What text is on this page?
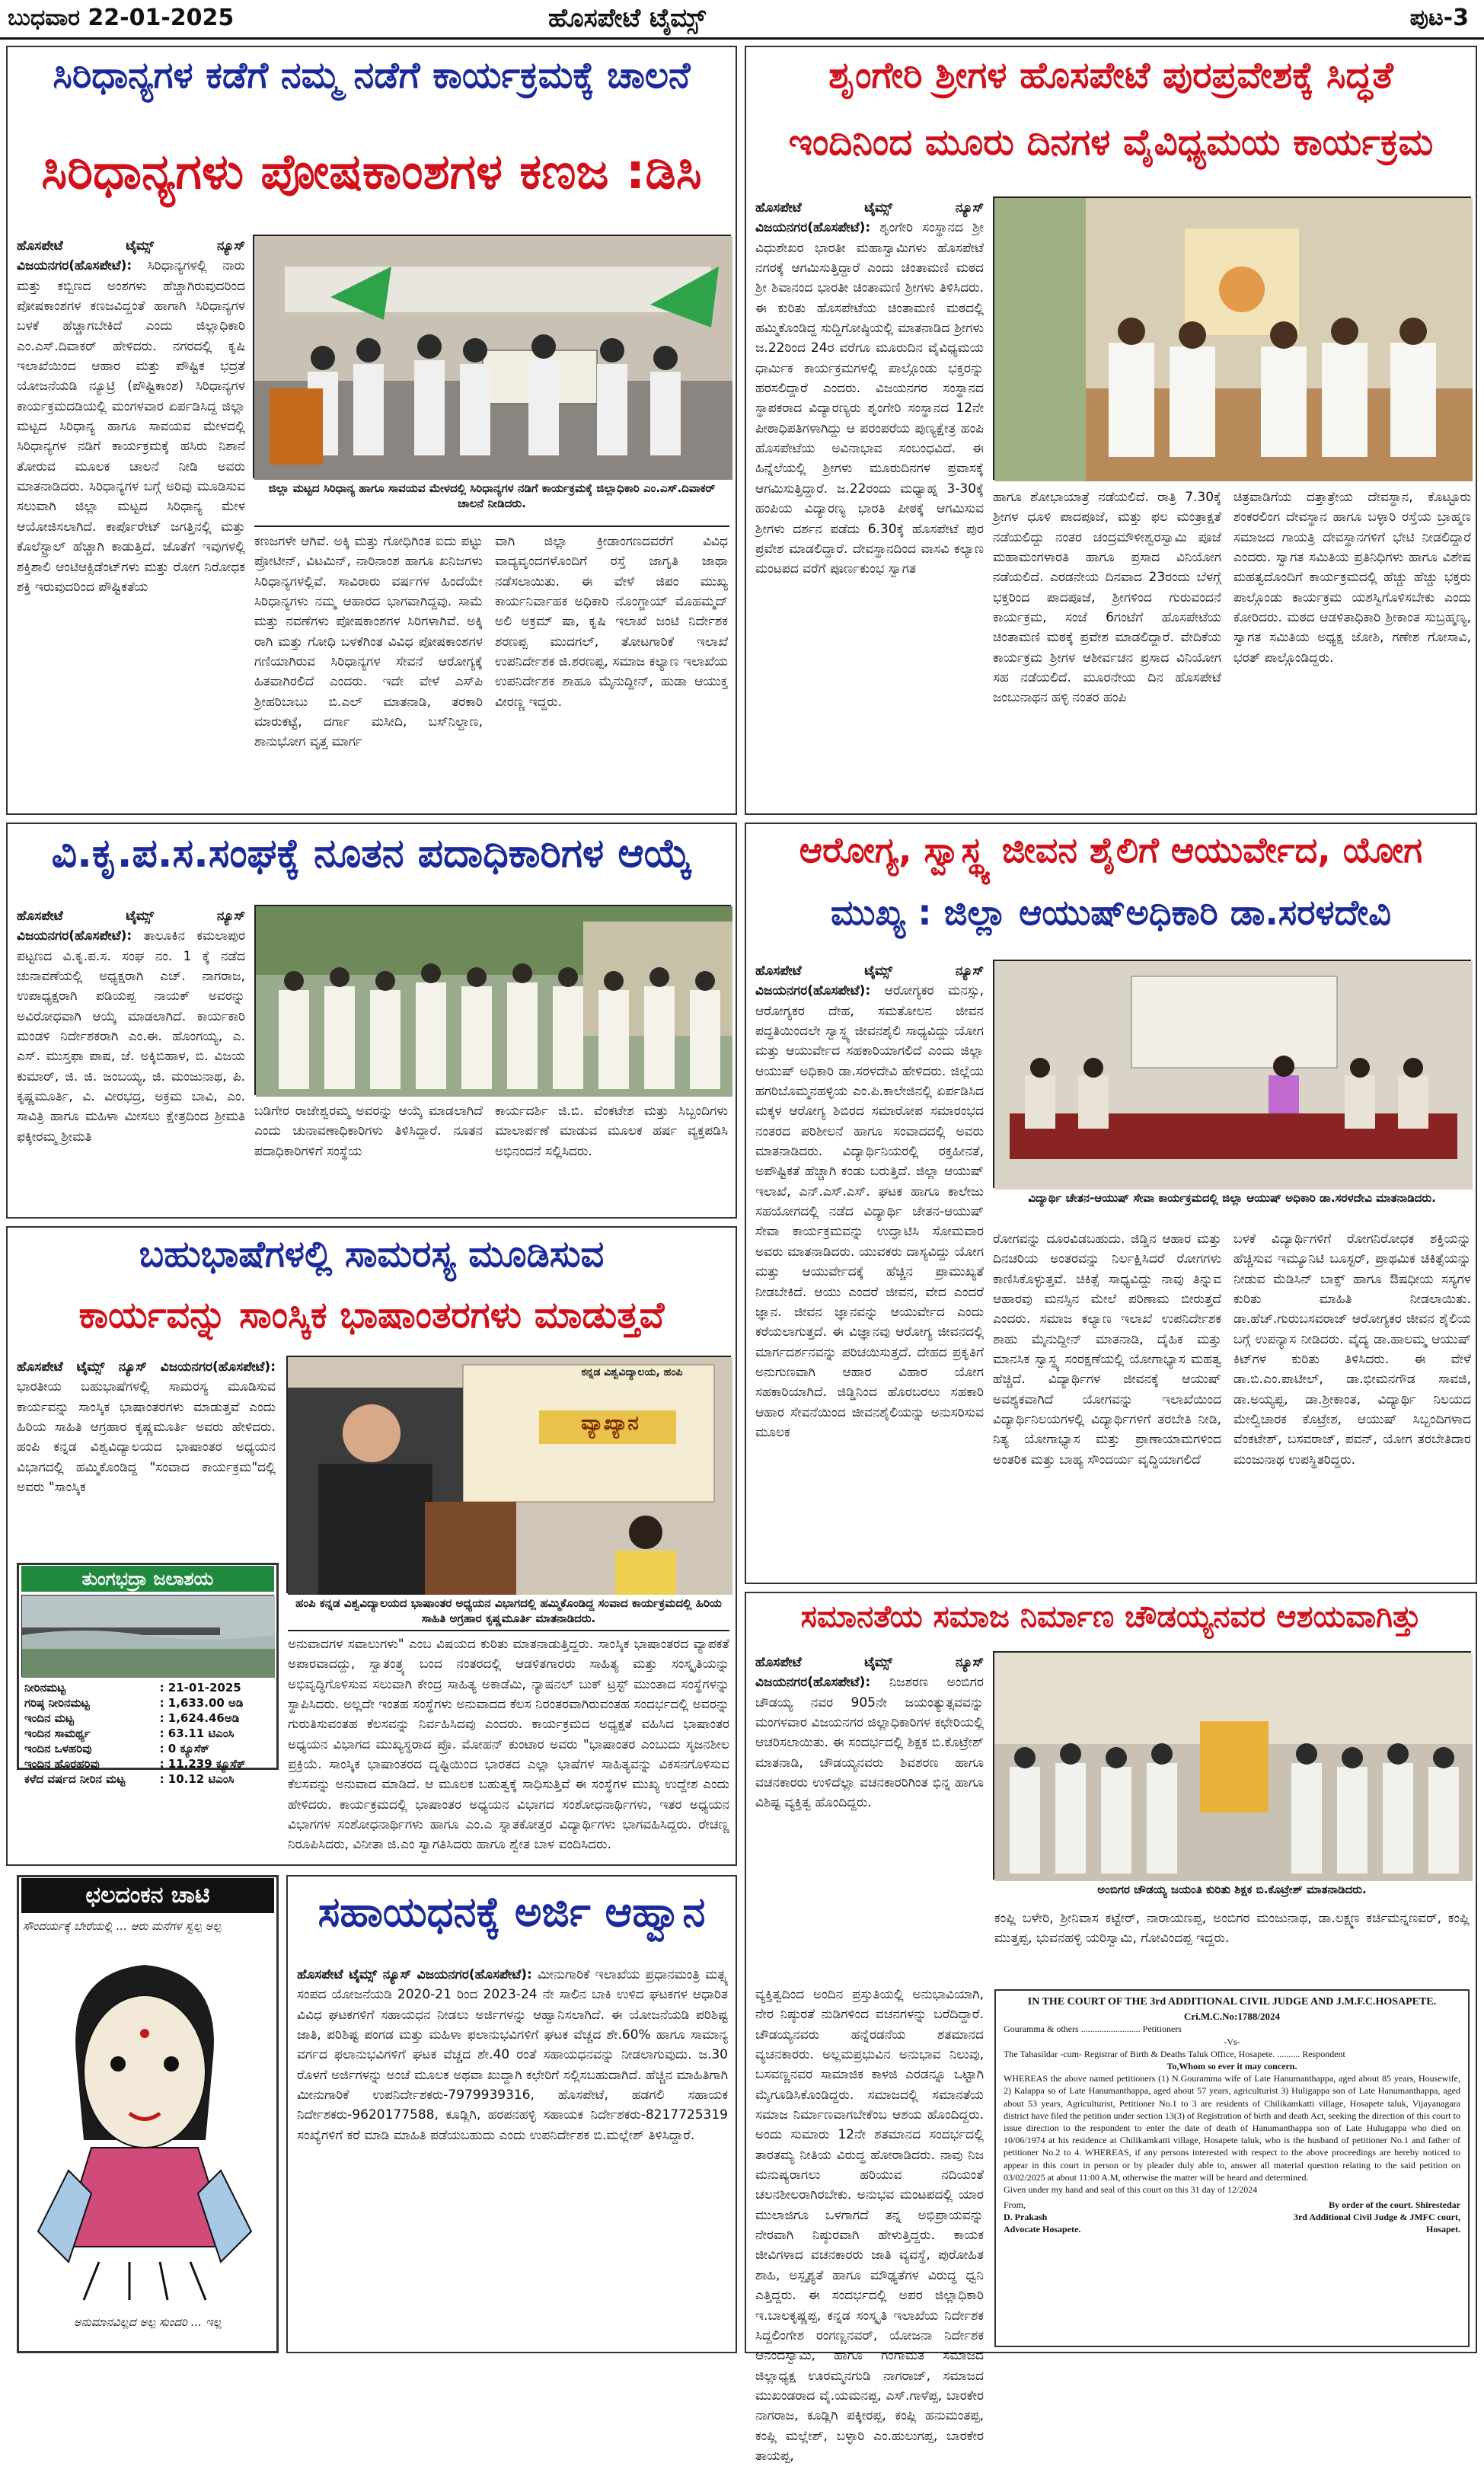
ಬುಧವಾರ 22-01-2025	ಹೊಸಪೇಟೆ ಟೈಮ್ಸ್	ಪುಟ-3
ಸಿರಿಧಾನ್ಯಗಳ ಕಡೆಗೆ ನಮ್ಮ ನಡೆಗೆ ಕಾರ್ಯಕ್ರಮಕ್ಕೆ ಚಾಲನೆ
ಸಿರಿಧಾನ್ಯಗಳು ಪೋಷಕಾಂಶಗಳ ಕಣಜ :ಡಿಸಿ
ಹೊಸಪೇಟೆ ಟೈಮ್ಸ್ ನ್ಯೂಸ್ ವಿಜಯನಗರ(ಹೊಸಪೇಟೆ): ಸಿರಿಧಾನ್ಯಗಳಲ್ಲಿ ನಾರು ಮತ್ತು ಕಬ್ಬಿಣದ ಅಂಶಗಳು ಹೆಚ್ಚಾಗಿರುವುದರಿಂದ ಪೋಷಕಾಂಶಗಳ ಕಣಜವಿದ್ದಂತೆ ಹಾಗಾಗಿ ಸಿರಿಧಾನ್ಯಗಳ ಬಳಕೆ ಹೆಚ್ಚಾಗಬೇಕಿದೆ ಎಂದು ಜಿಲ್ಲಾಧಿಕಾರಿ ಎಂ.ಎಸ್.ದಿವಾಕರ್ ಹೇಳಿದರು. ನಗರದಲ್ಲಿ ಕೃಷಿ ಇಲಾಖೆಯಿಂದ ಆಹಾರ ಮತ್ತು ಪೌಷ್ಟಿಕ ಭದ್ರತೆ ಯೋಜನೆಯಡಿ ನ್ಯೂಟ್ರಿ (ಪೌಷ್ಟಿಕಾಂಶ) ಸಿರಿಧಾನ್ಯಗಳ ಕಾರ್ಯಕ್ರಮದಡಿಯಲ್ಲಿ ಮಂಗಳವಾರ ಏರ್ಪಡಿಸಿದ್ದ ಜಿಲ್ಲಾ ಮಟ್ಟದ ಸಿರಿಧಾನ್ಯ ಹಾಗೂ ಸಾವಯವ ಮೇಳದಲ್ಲಿ ಸಿರಿಧಾನ್ಯಗಳ ನಡಿಗೆ ಕಾರ್ಯಕ್ರಮಕ್ಕೆ ಹಸಿರು ನಿಶಾನೆ ತೋರುವ ಮೂಲಕ ಚಾಲನೆ ನೀಡಿ ಅವರು ಮಾತನಾಡಿದರು. ಸಿರಿಧಾನ್ಯಗಳ ಬಗ್ಗೆ ಅರಿವು ಮೂಡಿಸುವ ಸಲುವಾಗಿ ಜಿಲ್ಲಾ ಮಟ್ಟದ ಸಿರಿಧಾನ್ಯ ಮೇಳ ಆಯೋಜಿಸಲಾಗಿದೆ. ಕಾರ್ಪೊರೇಟ್ ಜಗತ್ತಿನಲ್ಲಿ ಮತ್ತು ಕೊಲೆಸ್ಟ್ರಾಲ್ ಹೆಚ್ಚಾಗಿ ಕಾಡುತ್ತಿದೆ. ಜೊತೆಗೆ ಇವುಗಳಲ್ಲಿ ಶಕ್ತಿಶಾಲಿ ಆಂಟಿಆಕ್ಸಿಡೆಂಟ್‌ಗಳು ಮತ್ತು ರೋಗ ನಿರೋಧಕ ಶಕ್ತಿ ಇರುವುದರಿಂದ ಪೌಷ್ಟಿಕತೆಯ
ಜಿಲ್ಲಾ ಮಟ್ಟದ ಸಿರಿಧಾನ್ಯ ಹಾಗೂ ಸಾವಯವ ಮೇಳದಲ್ಲಿ ಸಿರಿಧಾನ್ಯಗಳ ನಡಿಗೆ ಕಾರ್ಯಕ್ರಮಕ್ಕೆ ಜಿಲ್ಲಾಧಿಕಾರಿ ಎಂ.ಎಸ್.ದಿವಾಕರ್ ಚಾಲನೆ ನೀಡಿದರು.
ಕಣಜಗಳೇ ಆಗಿವೆ. ಅಕ್ಕಿ ಮತ್ತು ಗೋಧಿಗಿಂತ ಐದು ಪಟ್ಟು ಪ್ರೋಟೀನ್, ವಿಟಮಿನ್, ನಾರಿನಾಂಶ ಹಾಗೂ ಖನಿಜಗಳು ಸಿರಿಧಾನ್ಯಗಳಲ್ಲಿವೆ. ಸಾವಿರಾರು ವರ್ಷಗಳ ಹಿಂದೆಯೇ ಸಿರಿಧಾನ್ಯಗಳು ನಮ್ಮ ಆಹಾರದ ಭಾಗವಾಗಿದ್ದವು. ಸಾಮೆ ಮತ್ತು ನವಣೆಗಳು ಪೋಷಕಾಂಶಗಳ ಸಿರಿಗಳಾಗಿವೆ. ಅಕ್ಕಿ ರಾಗಿ ಮತ್ತು ಗೋಧಿ ಬಳಕೆಗಿಂತ ವಿವಿಧ ಪೋಷಕಾಂಶಗಳ ಗಣಿಯಾಗಿರುವ ಸಿರಿಧಾನ್ಯಗಳ ಸೇವನೆ ಆರೋಗ್ಯಕ್ಕೆ ಹಿತವಾಗಿರಲಿದೆ ಎಂದರು. ಇದೇ ವೇಳೆ ಎಸ್‌ಪಿ ಶ್ರೀಹರಿಬಾಬು ಬಿ.ಎಲ್ ಮಾತನಾಡಿ, ತರಕಾರಿ ಮಾರುಕಟ್ಟೆ, ದರ್ಗಾ ಮಸೀದಿ, ಬಸ್‌ನಿಲ್ದಾಣ, ಶಾನುಭೋಗ ವೃತ್ತ ಮಾರ್ಗ
ವಾಗಿ ಜಿಲ್ಲಾ ಕ್ರೀಡಾಂಗಣದವರೆಗೆ ವಿವಿಧ ವಾದ್ಯವೃಂದಗಳೊಂದಿಗೆ ರಸ್ತೆ ಜಾಗೃತಿ ಜಾಥಾ ನಡೆಸಲಾಯಿತು. ಈ ವೇಳೆ ಜಿಪಂ ಮುಖ್ಯ ಕಾರ್ಯನಿರ್ವಾಹಕ ಅಧಿಕಾರಿ ನೊಂಗ್ಜಾಯ್ ಮೊಹಮ್ಮದ್ ಅಲಿ ಅಕ್ರಮ್ ಷಾ, ಕೃಷಿ ಇಲಾಖೆ ಜಂಟಿ ನಿರ್ದೇಶಕ ಶರಣಪ್ಪ ಮುದಗಲ್, ತೋಟಗಾರಿಕೆ ಇಲಾಖೆ ಉಪನಿರ್ದೇಶಕ ಜಿ.ಶರಣಪ್ಪ, ಸಮಾಜ ಕಲ್ಯಾಣ ಇಲಾಖೆಯ ಉಪನಿರ್ದೇಶಕ ಶಾಹೂ ಮೈನುದ್ದೀನ್, ಹುಡಾ ಆಯುಕ್ತ ವೀರಣ್ಣ ಇದ್ದರು.
ಶೃಂಗೇರಿ ಶ್ರೀಗಳ ಹೊಸಪೇಟೆ ಪುರಪ್ರವೇಶಕ್ಕೆ ಸಿದ್ಧತೆ
ಇಂದಿನಿಂದ ಮೂರು ದಿನಗಳ ವೈವಿಧ್ಯಮಯ ಕಾರ್ಯಕ್ರಮ
ಹೊಸಪೇಟೆ ಟೈಮ್ಸ್ ನ್ಯೂಸ್ ವಿಜಯನಗರ(ಹೊಸಪೇಟೆ): ಶೃಂಗೇರಿ ಸಂಸ್ಥಾನದ ಶ್ರೀ ವಿಧುಶೇಖರ ಭಾರತೀ ಮಹಾಸ್ವಾಮಿಗಳು ಹೊಸಪೇಟೆ ನಗರಕ್ಕೆ ಆಗಮಿಸುತ್ತಿದ್ದಾರೆ ಎಂದು ಚಿಂತಾಮಣಿ ಮಠದ ಶ್ರೀ ಶಿವಾನಂದ ಭಾರತೀ ಚಿಂತಾಮಣಿ ಶ್ರೀಗಳು ತಿಳಿಸಿದರು. ಈ ಕುರಿತು ಹೊಸಪೇಟೆಯ ಚಿಂತಾಮಣಿ ಮಠದಲ್ಲಿ ಹಮ್ಮಿಕೊಂಡಿದ್ದ ಸುದ್ದಿಗೋಷ್ಠಿಯಲ್ಲಿ ಮಾತನಾಡಿದ ಶ್ರೀಗಳು ಜ.22ರಿಂದ 24ರ ವರೆಗೂ ಮೂರುದಿನ ವೈವಿಧ್ಯಮಯ ಧಾರ್ಮಿಕ ಕಾರ್ಯಕ್ರಮಗಳಲ್ಲಿ ಪಾಲ್ಗೊಂಡು ಭಕ್ತರನ್ನು ಹರಸಲಿದ್ದಾರೆ ಎಂದರು. ವಿಜಯನಗರ ಸಂಸ್ಥಾನದ ಸ್ಥಾಪಕರಾದ ವಿದ್ಯಾರಣ್ಯರು ಶೃಂಗೇರಿ ಸಂಸ್ಥಾನದ 12ನೇ ಪೀಠಾಧಿಪತಿಗಳಾಗಿದ್ದು ಆ ಪರಂಪರೆಯ ಪುಣ್ಯಕ್ಷೇತ್ರ ಹಂಪಿ ಹೊಸಪೇಟೆಯ ಅವಿನಾಭಾವ ಸಂಬಂಧವಿದೆ. ಈ ಹಿನ್ನೆಲೆಯಲ್ಲಿ ಶ್ರೀಗಳು ಮೂರುದಿನಗಳ ಪ್ರವಾಸಕ್ಕೆ ಆಗಮಿಸುತ್ತಿದ್ದಾರೆ. ಜ.22ರಂದು ಮಧ್ಯಾಹ್ನ 3-30ಕ್ಕೆ ಹಂಪಿಯ ವಿದ್ಯಾರಣ್ಯ ಭಾರತಿ ಪೀಠಕ್ಕೆ ಆಗಮಿಸುವ ಶ್ರೀಗಳು ದರ್ಶನ ಪಡೆದು 6.30ಕ್ಕೆ ಹೊಸಪೇಟೆ ಪುರ ಪ್ರವೇಶ ಮಾಡಲಿದ್ದಾರೆ. ದೇವಸ್ಥಾನದಿಂದ ವಾಸವಿ ಕಲ್ಯಾಣ ಮಂಟಪದ ವರೆಗೆ ಪೂರ್ಣಕುಂಭ ಸ್ವಾಗತ
ಹಾಗೂ ಶೋಭಾಯಾತ್ರೆ ನಡೆಯಲಿದೆ. ರಾತ್ರಿ 7.30ಕ್ಕೆ ಶ್ರೀಗಳ ಧೂಳಿ ಪಾದಪೂಜೆ, ಮತ್ತು ಫಲ ಮಂತ್ರಾಕ್ಷತೆ ನಡೆಯಲಿದ್ದು ನಂತರ ಚಂದ್ರಮೌಳೀಶ್ವರಸ್ವಾಮಿ ಪೂಜೆ ಮಹಾಮಂಗಳಾರತಿ ಹಾಗೂ ಪ್ರಸಾದ ವಿನಿಯೋಗ ನಡೆಯಲಿದೆ. ಎರಡನೇಯ ದಿನವಾದ 23ರಂದು ಬೆಳಗ್ಗೆ ಭಕ್ತರಿಂದ ಪಾದಪೂಜೆ, ಶ್ರೀಗಳಿಂದ ಗುರುವಂದನೆ ಕಾರ್ಯಕ್ರಮ, ಸಂಜೆ 6ಗಂಟೆಗೆ ಹೊಸಪೇಟೆಯ ಚಿಂತಾಮಣಿ ಮಠಕ್ಕೆ ಪ್ರವೇಶ ಮಾಡಲಿದ್ದಾರೆ. ವೇದಿಕೆಯ ಕಾರ್ಯಕ್ರಮ ಶ್ರೀಗಳ ಆಶೀರ್ವಚನ ಪ್ರಸಾದ ವಿನಿಯೋಗ ಸಹ ನಡೆಯಲಿದೆ. ಮೂರನೇಯ ದಿನ ಹೊಸಪೇಟೆ ಜಂಬುನಾಥನ ಹಳ್ಳಿ ನಂತರ ಹಂಪಿ
ಚಿತ್ರವಾಡಿಗೆಯ ದತ್ತಾತ್ರೇಯ ದೇವಸ್ಥಾನ, ಕೊಟ್ಟೂರು ಶಂಕರಲಿಂಗ ದೇವಸ್ಥಾನ ಹಾಗೂ ಬಳ್ಳಾರಿ ರಸ್ತೆಯ ಬ್ರಾಹ್ಮಣ ಸಮಾಜದ ಗಾಯತ್ರಿ ದೇವಸ್ಥಾನಗಳಿಗೆ ಭೇಟಿ ನೀಡಲಿದ್ದಾರೆ ಎಂದರು. ಸ್ವಾಗತ ಸಮಿತಿಯ ಪ್ರತಿನಿಧಿಗಳು ಹಾಗೂ ವಿಶೇಷ ಮಹತ್ವದೊಂದಿಗೆ ಕಾರ್ಯಕ್ರಮದಲ್ಲಿ ಹೆಚ್ಚು ಹೆಚ್ಚು ಭಕ್ತರು ಪಾಲ್ಗೊಂಡು ಕಾರ್ಯಕ್ರಮ ಯಶಸ್ವಿಗೊಳಿಸಬೇಕು ಎಂದು ಕೋರಿದರು. ಮಠದ ಆಡಳಿತಾಧಿಕಾರಿ ಶ್ರೀಕಾಂತ ಸುಬ್ರಹ್ಮಣ್ಯ, ಸ್ವಾಗತ ಸಮಿತಿಯ ಅಧ್ಯಕ್ಷ ಜೋಶಿ, ಗಣೇಶ ಗೋಸಾವಿ, ಭರತ್ ಪಾಲ್ಗೊಂಡಿದ್ದರು.
ವಿ.ಕೃ.ಪ.ಸ.ಸಂಘಕ್ಕೆ ನೂತನ ಪದಾಧಿಕಾರಿಗಳ ಆಯ್ಕೆ
ಹೊಸಪೇಟೆ ಟೈಮ್ಸ್ ನ್ಯೂಸ್ ವಿಜಯನಗರ(ಹೊಸಪೇಟೆ): ತಾಲೂಕಿನ ಕಮಲಾಪುರ ಪಟ್ಟಣದ ವಿ.ಕೃ.ಪ.ಸ. ಸಂಘ ನಂ. 1 ಕ್ಕೆ ನಡೆದ ಚುನಾವಣೆಯಲ್ಲಿ ಅಧ್ಯಕ್ಷರಾಗಿ ಎಚ್. ನಾಗರಾಜ, ಉಪಾಧ್ಯಕ್ಷರಾಗಿ ಪಡಿಯಪ್ಪ ನಾಯಕ್ ಅವರನ್ನು ಅವಿರೋಧವಾಗಿ ಆಯ್ಕೆ ಮಾಡಲಾಗಿದೆ. ಕಾರ್ಯಕಾರಿ ಮಂಡಳಿ ನಿರ್ದೇಶಕರಾಗಿ ಎಂ.ಈ. ಹೊಂಗಯ್ಯ, ಎ. ಎಸ್. ಮುಸ್ತಫಾ ಪಾಷ, ಜೆ. ಅಕ್ಕಿಬಿಹಾಳ, ಬಿ. ವಿಜಯ ಕುಮಾರ್, ಜಿ. ಜಿ. ಜಂಬಯ್ಯ, ಜಿ. ಮಂಜುನಾಥ, ಪಿ. ಕೃಷ್ಣಮೂರ್ತಿ, ವಿ. ವೀರಭದ್ರ, ಅಕ್ರಮ ಬಾವಿ, ಎಂ. ಸಾವಿತ್ರಿ ಹಾಗೂ ಮಹಿಳಾ ಮೀಸಲು ಕ್ಷೇತ್ರದಿಂದ ಶ್ರೀಮತಿ ಫಕ್ಕೀರಮ್ಮ ಶ್ರೀಮತಿ
ಬಡಿಗೇರ ರಾಜೇಶ್ವರಮ್ಮ ಅವರನ್ನು ಆಯ್ಕೆ ಮಾಡಲಾಗಿದೆ ಎಂದು ಚುನಾವಣಾಧಿಕಾರಿಗಳು ತಿಳಿಸಿದ್ದಾರೆ. ನೂತನ ಪದಾಧಿಕಾರಿಗಳಿಗೆ ಸಂಸ್ಥೆಯ
ಕಾರ್ಯದರ್ಶಿ ಜಿ.ಬಿ. ವೆಂಕಟೇಶ ಮತ್ತು ಸಿಬ್ಬಂದಿಗಳು ಮಾಲಾರ್ಪಣೆ ಮಾಡುವ ಮೂಲಕ ಹರ್ಷ ವ್ಯಕ್ತಪಡಿಸಿ ಅಭಿನಂದನೆ ಸಲ್ಲಿಸಿದರು.
ಆರೋಗ್ಯ, ಸ್ವಾಸ್ಥ್ಯ ಜೀವನ ಶೈಲಿಗೆ ಆಯುರ್ವೇದ, ಯೋಗ
ಮುಖ್ಯ : ಜಿಲ್ಲಾ ಆಯುಷ್‌ಅಧಿಕಾರಿ ಡಾ.ಸರಳದೇವಿ
ಹೊಸಪೇಟೆ ಟೈಮ್ಸ್ ನ್ಯೂಸ್ ವಿಜಯನಗರ(ಹೊಸಪೇಟೆ): ಆರೋಗ್ಯಕರ ಮನಸ್ಸು, ಆರೋಗ್ಯಕರ ದೇಹ, ಸಮತೋಲನ ಜೀವನ ಪದ್ಧತಿಯಿಂದಲೇ ಸ್ವಾಸ್ಥ್ಯ ಜೀವನಶೈಲಿ ಸಾಧ್ಯವಿದ್ದು ಯೋಗ ಮತ್ತು ಆಯುರ್ವೇದ ಸಹಕಾರಿಯಾಗಲಿದೆ ಎಂದು ಜಿಲ್ಲಾ ಆಯುಷ್ ಅಧಿಕಾರಿ ಡಾ.ಸರಳದೇವಿ ಹೇಳಿದರು. ಜಿಲ್ಲೆಯ ಹಗರಿಬೊಮ್ಮನಹಳ್ಳಿಯ ಎಂ.ಪಿ.ಕಾಲೇಜಿನಲ್ಲಿ ಏರ್ಪಡಿಸಿದ ಮಕ್ಕಳ ಆರೋಗ್ಯ ಶಿಬಿರದ ಸಮಾರೋಪ ಸಮಾರಂಭದ ನಂತರದ ಪರಿಶೀಲನೆ ಹಾಗೂ ಸಂವಾದದಲ್ಲಿ ಅವರು ಮಾತನಾಡಿದರು. ವಿದ್ಯಾರ್ಥಿನಿಯರಲ್ಲಿ ರಕ್ತಹೀನತೆ, ಅಪೌಷ್ಟಿಕತೆ ಹೆಚ್ಚಾಗಿ ಕಂಡು ಬರುತ್ತಿದೆ. ಜಿಲ್ಲಾ ಆಯುಷ್ ಇಲಾಖೆ, ಎನ್.ಎಸ್.ಎಸ್. ಘಟಕ ಹಾಗೂ ಕಾಲೇಜು ಸಹಯೋಗದಲ್ಲಿ ನಡೆದ ವಿದ್ಯಾರ್ಥಿ ಚೇತನ-ಆಯುಷ್ ಸೇವಾ ಕಾರ್ಯಕ್ರಮವನ್ನು ಉದ್ಘಾಟಿಸಿ ಸೋಮವಾರ ಅವರು ಮಾತನಾಡಿದರು. ಯುವಕರು ದಾಸ್ಯವಿದ್ದು ಯೋಗ ಮತ್ತು ಆಯುರ್ವೇದಕ್ಕೆ ಹೆಚ್ಚಿನ ಪ್ರಾಮುಖ್ಯತೆ ನೀಡಬೇಕಿದೆ. ಆಯು ಎಂದರೆ ಜೀವನ, ವೇದ ಎಂದರೆ ಜ್ಞಾನ. ಜೀವನ ಜ್ಞಾನವನ್ನು ಆಯುರ್ವೇದ ಎಂದು ಕರೆಯಲಾಗುತ್ತದೆ. ಈ ವಿಜ್ಞಾನವು ಆರೋಗ್ಯ ಜೀವನದಲ್ಲಿ ಮಾರ್ಗದರ್ಶನವನ್ನು ಪರಿಚಯಿಸುತ್ತದೆ. ದೇಹದ ಪ್ರಕೃತಿಗೆ ಅನುಗುಣವಾಗಿ ಆಹಾರ ವಿಹಾರ ಯೋಗ ಸಹಕಾರಿಯಾಗಿದೆ. ಜಿಡ್ಡಿನಿಂದ ಹೊರಬರಲು ಸಹಕಾರಿ ಆಹಾರ ಸೇವನೆಯಿಂದ ಜೀವನಶೈಲಿಯನ್ನು ಅನುಸರಿಸುವ ಮೂಲಕ
ವಿದ್ಯಾರ್ಥಿ ಚೇತನ-ಆಯುಷ್ ಸೇವಾ ಕಾರ್ಯಕ್ರಮದಲ್ಲಿ ಜಿಲ್ಲಾ ಆಯುಷ್ ಅಧಿಕಾರಿ ಡಾ.ಸರಳದೇವಿ ಮಾತನಾಡಿದರು.
ರೋಗವನ್ನು ದೂರವಿಡಬಹುದು. ಜಿಡ್ಡಿನ ಆಹಾರ ಮತ್ತು ದಿನಚರಿಯ ಅಂತರವನ್ನು ನಿರ್ಲಕ್ಷಿಸಿದರೆ ರೋಗಗಳು ಕಾಣಿಸಿಕೊಳ್ಳುತ್ತವೆ. ಚಿಕಿತ್ಸೆ ಸಾಧ್ಯವಿದ್ದು ನಾವು ತಿನ್ನುವ ಆಹಾರವು ಮನಸ್ಸಿನ ಮೇಲೆ ಪರಿಣಾಮ ಬೀರುತ್ತದೆ ಎಂದರು. ಸಮಾಜ ಕಲ್ಯಾಣ ಇಲಾಖೆ ಉಪನಿರ್ದೇಶಕ ಶಾಹು ಮೈನುದ್ದೀನ್ ಮಾತನಾಡಿ, ದೈಹಿಕ ಮತ್ತು ಮಾನಸಿಕ ಸ್ವಾಸ್ಥ್ಯ ಸಂರಕ್ಷಣೆಯಲ್ಲಿ ಯೋಗಾಭ್ಯಾಸ ಮಹತ್ವ ಹೆಚ್ಚಿದೆ. ವಿದ್ಯಾರ್ಥಿಗಳ ಜೀವನಕ್ಕೆ ಆಯುಷ್ ಅವಶ್ಯಕವಾಗಿದೆ ಯೋಗವನ್ನು ಇಲಾಖೆಯಿಂದ ವಿದ್ಯಾರ್ಥಿನಿಲಯಗಳಲ್ಲಿ ವಿದ್ಯಾರ್ಥಿಗಳಿಗೆ ತರಬೇತಿ ನೀಡಿ, ನಿತ್ಯ ಯೋಗಾಭ್ಯಾಸ ಮತ್ತು ಪ್ರಾಣಾಯಾಮಗಳಿಂದ ಅಂತರಿಕ ಮತ್ತು ಬಾಹ್ಯ ಸೌಂದರ್ಯ ವೃದ್ಧಿಯಾಗಲಿದೆ
ಬಳಕೆ ವಿದ್ಯಾರ್ಥಿಗಳಿಗೆ ರೋಗನಿರೋಧಕ ಶಕ್ತಿಯನ್ನು ಹೆಚ್ಚಿಸುವ ಇಮ್ಯೂನಿಟಿ ಬೂಸ್ಟರ್, ಪ್ರಾಥಮಿಕ ಚಿಕಿತ್ಸೆಯನ್ನು ನೀಡುವ ಮೆಡಿಸಿನ್ ಬಾಕ್ಸ್ ಹಾಗೂ ಔಷಧೀಯ ಸಸ್ಯಗಳ ಕುರಿತು ಮಾಹಿತಿ ನೀಡಲಾಯಿತು. ಡಾ.ಹೆಚ್.ಗುರುಬಸವರಾಜ್ ಆರೋಗ್ಯಕರ ಜೀವನ ಶೈಲಿಯ ಬಗ್ಗೆ ಉಪನ್ಯಾಸ ನೀಡಿದರು. ವೈದ್ಯ ಡಾ.ಹಾಲಮ್ಮ ಆಯುಷ್ ಕಿಟ್‌ಗಳ ಕುರಿತು ತಿಳಿಸಿದರು. ಈ ವೇಳೆ ಡಾ.ಬಿ.ಎಂ.ಪಾಟೀಲ್, ಡಾ.ಭೀಮನಗೌಡ ಸಾವಜಿ, ಡಾ.ಅಯ್ಯಪ್ಪ, ಡಾ.ಶ್ರೀಕಾಂತ, ವಿದ್ಯಾರ್ಥಿ ನಿಲಯದ ಮೇಲ್ವಿಚಾರಕ ಕೊಟ್ರೇಶ, ಆಯುಷ್ ಸಿಬ್ಬಂದಿಗಳಾದ ವೆಂಕಟೇಶ್, ಬಸವರಾಜ್, ಪವನ್, ಯೋಗ ತರಬೇತಿದಾರ ಮಂಜುನಾಥ ಉಪಸ್ಥಿತರಿದ್ದರು.
ಬಹುಭಾಷೆಗಳಲ್ಲಿ ಸಾಮರಸ್ಯ ಮೂಡಿಸುವ
ಕಾರ್ಯವನ್ನು ಸಾಂಸ್ಕಿಕ ಭಾಷಾಂತರಗಳು ಮಾಡುತ್ತವೆ
ಹೊಸಪೇಟೆ ಟೈಮ್ಸ್ ನ್ಯೂಸ್ ವಿಜಯನಗರ(ಹೊಸಪೇಟೆ): ಭಾರತೀಯ ಬಹುಭಾಷೆಗಳಲ್ಲಿ ಸಾಮರಸ್ಯ ಮೂಡಿಸುವ ಕಾರ್ಯವನ್ನು ಸಾಂಸ್ಕಿಕ ಭಾಷಾಂತರಗಳು ಮಾಡುತ್ತವೆ ಎಂದು ಹಿರಿಯ ಸಾಹಿತಿ ಆಗ್ರಹಾರ ಕೃಷ್ಣಮೂರ್ತಿ ಅವರು ಹೇಳಿದರು. ಹಂಪಿ ಕನ್ನಡ ವಿಶ್ವವಿದ್ಯಾಲಯದ ಭಾಷಾಂತರ ಅಧ್ಯಯನ ವಿಭಾಗದಲ್ಲಿ ಹಮ್ಮಿಕೊಂಡಿದ್ದ "ಸಂವಾದ ಕಾರ್ಯಕ್ರಮ"ದಲ್ಲಿ ಅವರು "ಸಾಂಸ್ಕಿಕ
ಕನ್ನಡ ವಿಶ್ವವಿದ್ಯಾಲಯ, ಹಂಪಿ
ವ್ಯಾಖ್ಯಾನ
ಹಂಪಿ ಕನ್ನಡ ವಿಶ್ವವಿದ್ಯಾಲಯದ ಭಾಷಾಂತರ ಅಧ್ಯಯನ ವಿಭಾಗದಲ್ಲಿ ಹಮ್ಮಿಕೊಂಡಿದ್ದ ಸಂವಾದ ಕಾರ್ಯಕ್ರಮದಲ್ಲಿ ಹಿರಿಯ ಸಾಹಿತಿ ಅಗ್ರಹಾರ ಕೃಷ್ಣಮೂರ್ತಿ ಮಾತನಾಡಿದರು.
ಅನುವಾದಗಳ ಸವಾಲುಗಳು" ಎಂಬ ವಿಷಯದ ಕುರಿತು ಮಾತನಾಡುತ್ತಿದ್ದರು. ಸಾಂಸ್ಕಿಕ ಭಾಷಾಂತರದ ವ್ಯಾಪಕತೆ ಅಪಾರವಾದದ್ದು, ಸ್ವಾತಂತ್ರ್ಯ ಬಂದ ನಂತರದಲ್ಲಿ ಆಡಳಿತಗಾರರು ಸಾಹಿತ್ಯ ಮತ್ತು ಸಂಸ್ಕೃತಿಯನ್ನು ಅಭಿವೃದ್ಧಿಗೊಳಿಸುವ ಸಲುವಾಗಿ ಕೇಂದ್ರ ಸಾಹಿತ್ಯ ಅಕಾಡೆಮಿ, ನ್ಯಾಷನಲ್ ಬುಕ್ ಟ್ರಸ್ಟ್ ಮುಂತಾದ ಸಂಸ್ಥೆಗಳನ್ನು ಸ್ಥಾಪಿಸಿದರು. ಅಲ್ಲದೇ ಇಂತಹ ಸಂಸ್ಥೆಗಳು ಅನುವಾದದ ಕೆಲಸ ನಿರಂತರವಾಗಿರುವಂತಹ ಸಂದರ್ಭದಲ್ಲಿ ಅವರನ್ನು ಗುರುತಿಸುವಂತಹ ಕೆಲಸವನ್ನು ನಿರ್ವಹಿಸಿದವು ಎಂದರು. ಕಾರ್ಯಕ್ರಮದ ಅಧ್ಯಕ್ಷತೆ ವಹಿಸಿದ ಭಾಷಾಂತರ ಅಧ್ಯಯನ ವಿಭಾಗದ ಮುಖ್ಯಸ್ಥರಾದ ಪ್ರೊ. ಮೋಹನ್ ಕುಂಟಾರ ಅವರು "ಭಾಷಾಂತರ ಎಂಬುದು ಸೃಜನಶೀಲ ಪ್ರಕ್ರಿಯೆ. ಸಾಂಸ್ಕಿಕ ಭಾಷಾಂತರದ ದೃಷ್ಟಿಯಿಂದ ಭಾರತದ ಎಲ್ಲಾ ಭಾಷೆಗಳ ಸಾಹಿತ್ಯವನ್ನು ವಿಕಸನಗೊಳಿಸುವ ಕೆಲಸವನ್ನು ಅನುವಾದ ಮಾಡಿದೆ. ಆ ಮೂಲಕ ಬಹುತ್ವಕ್ಕೆ ಸಾಧಿಸುತ್ತಿವೆ ಈ ಸಂಸ್ಥೆಗಳ ಮುಖ್ಯ ಉದ್ದೇಶ ಎಂದು ಹೇಳಿದರು. ಕಾರ್ಯಕ್ರಮದಲ್ಲಿ ಭಾಷಾಂತರ ಅಧ್ಯಯನ ವಿಭಾಗದ ಸಂಶೋಧನಾರ್ಥಿಗಳು, ಇತರ ಅಧ್ಯಯನ ವಿಭಾಗಗಳ ಸಂಶೋಧನಾರ್ಥಿಗಳು ಹಾಗೂ ಎಂ.ಎ ಸ್ನಾತಕೋತ್ತರ ವಿದ್ಯಾರ್ಥಿಗಳು ಭಾಗವಹಿಸಿದ್ದರು. ರೇಚಣ್ಣ ನಿರೂಪಿಸಿದರು, ವಿನೀತಾ ಜಿ.ಎಂ ಸ್ವಾಗತಿಸಿದರು ಹಾಗೂ ಶ್ವೇತ ಬಾಳ ವಂದಿಸಿದರು.
ತುಂಗಭದ್ರಾ ಜಲಾಶಯ
ನೀರಿನಮಟ್ಟ	: 21-01-2025
ಗರಿಷ್ಠ ನೀರಿನಮಟ್ಟ	: 1,633.00 ಅಡಿ
ಇಂದಿನ ಮಟ್ಟ	: 1,624.46ಅಡಿ
ಇಂದಿನ ಸಾಮರ್ಥ್ಯ	: 63.11 ಟಿಎಂಸಿ
ಇಂದಿನ ಒಳಹರಿವು	: 0 ಕ್ಯೂಸೆಕ್
ಇಂದಿನ ಹೊರಹರಿವು	: 11,239 ಕ್ಯೂಸೆಕ್
ಕಳೆದ ವರ್ಷದ ನೀರಿನ ಮಟ್ಟ	: 10.12 ಟಿಎಂಸಿ
ಛಲದಂಕನ ಚಾಟಿ
ಸೌಂದರ್ಯಕ್ಕೆ ಬೇರೆಯಲ್ಲಿ ... ಆರು ಮನೆಗಳ ಸ್ವಲ್ಪ ಅಲ್ಪ
ಅನುಮಾನವಿಲ್ಲದ ಅಲ್ಪ ಸುಂದರಿ ... ಇಲ್ಲ
ಸಹಾಯಧನಕ್ಕೆ ಅರ್ಜಿ ಆಹ್ವಾನ
ಹೊಸಪೇಟೆ ಟೈಮ್ಸ್ ನ್ಯೂಸ್ ವಿಜಯನಗರ(ಹೊಸಪೇಟೆ): ಮೀನುಗಾರಿಕೆ ಇಲಾಖೆಯ ಪ್ರಧಾನಮಂತ್ರಿ ಮತ್ಸ್ಯ ಸಂಪದ ಯೋಜನೆಯಡಿ 2020-21 ರಿಂದ 2023-24 ನೇ ಸಾಲಿನ ಬಾಕಿ ಉಳಿದ ಘಟಕಗಳ ಆಧಾರಿತ ವಿವಿಧ ಘಟಕಗಳಿಗೆ ಸಹಾಯಧನ ನೀಡಲು ಅರ್ಜಿಗಳನ್ನು ಆಹ್ವಾನಿಸಲಾಗಿದೆ. ಈ ಯೋಜನೆಯಡಿ ಪರಿಶಿಷ್ಟ ಜಾತಿ, ಪರಿಶಿಷ್ಟ ಪಂಗಡ ಮತ್ತು ಮಹಿಳಾ ಫಲಾನುಭವಿಗಳಿಗೆ ಘಟಕ ವೆಚ್ಚದ ಶೇ.60% ಹಾಗೂ ಸಾಮಾನ್ಯ ವರ್ಗದ ಫಲಾನುಭವಿಗಳಿಗೆ ಘಟಕ ವೆಚ್ಚದ ಶೇ.40 ರಂತೆ ಸಹಾಯಧನವನ್ನು ನೀಡಲಾಗುವುದು. ಜ.30 ರೊಳಗೆ ಅರ್ಜಿಗಳನ್ನು ಅಂಚೆ ಮೂಲಕ ಅಥವಾ ಖುದ್ದಾಗಿ ಕಛೇರಿಗೆ ಸಲ್ಲಿಸಬಹುದಾಗಿದೆ. ಹೆಚ್ಚಿನ ಮಾಹಿತಿಗಾಗಿ ಮೀನುಗಾರಿಕೆ ಉಪನಿರ್ದೇಶಕರು-7979939316, ಹೊಸಪೇಟೆ, ಹಡಗಲಿ ಸಹಾಯಕ ನಿರ್ದೇಶಕರು-9620177588, ಕೂಡ್ಲಿಗಿ, ಹರಪನಹಳ್ಳಿ ಸಹಾಯಕ ನಿರ್ದೇಶಕರು-8217725319 ಸಂಖ್ಯೆಗಳಿಗೆ ಕರೆ ಮಾಡಿ ಮಾಹಿತಿ ಪಡೆಯಬಹುದು ಎಂದು ಉಪನಿರ್ದೇಶಕ ಬಿ.ಮಲ್ಲೇಶ್ ತಿಳಿಸಿದ್ದಾರೆ.
ಸಮಾನತೆಯ ಸಮಾಜ ನಿರ್ಮಾಣ ಚೌಡಯ್ಯನವರ ಆಶಯವಾಗಿತ್ತು
ಹೊಸಪೇಟೆ ಟೈಮ್ಸ್ ನ್ಯೂಸ್ ವಿಜಯನಗರ(ಹೊಸಪೇಟೆ): ನಿಜಶರಣ ಅಂಬಿಗರ ಚೌಡಯ್ಯ ನವರ 905ನೇ ಜಯಂತ್ಯುತ್ಸವವನ್ನು ಮಂಗಳವಾರ ವಿಜಯನಗರ ಜಿಲ್ಲಾಧಿಕಾರಿಗಳ ಕಛೇರಿಯಲ್ಲಿ ಆಚರಿಸಲಾಯಿತು. ಈ ಸಂದರ್ಭದಲ್ಲಿ ಶಿಕ್ಷಕ ಬಿ.ಕೊಟ್ರೇಶ್ ಮಾತನಾಡಿ, ಚೌಡಯ್ಯನವರು ಶಿವಶರಣ ಹಾಗೂ ವಚನಕಾರರು ಉಳಿದೆಲ್ಲಾ ವಚನಕಾರರಿಗಿಂತ ಭಿನ್ನ ಹಾಗೂ ವಿಶಿಷ್ಟ ವ್ಯಕ್ತಿತ್ವ ಹೊಂದಿದ್ದರು.
ಅಂಬಿಗರ ಚೌಡಯ್ಯ ಜಯಂತಿ ಕುರಿತು ಶಿಕ್ಷಕ ಬಿ.ಕೊಟ್ರೇಶ್ ಮಾತನಾಡಿದರು.
ವ್ಯಕ್ತಿತ್ವದಿಂದ ಅಂದಿನ ಪ್ರಸ್ತುತಿಯಲ್ಲಿ ಅನುಭಾವಿಯಾಗಿ, ನೇರ ನಿಷ್ಠುರತೆ ನುಡಿಗಳಿಂದ ವಚನಗಳನ್ನು ಬರೆದಿದ್ದಾರೆ. ಚೌಡಯ್ಯನವರು ಹನ್ನೆರಡನೆಯ ಶತಮಾನದ ವ್ಯಚನಕಾರರು. ಅಲ್ಲಮಪ್ರಭುವಿನ ಅನುಭಾವ ನಿಲುವು, ಬಸವಣ್ಣನವರ ಸಾಮಾಜಿಕ ಕಾಳಜಿ ಎರಡನ್ನೂ ಒಟ್ಟಾಗಿ ಮೈಗೂಡಿಸಿಕೊಂಡಿದ್ದರು. ಸಮಾಜದಲ್ಲಿ ಸಮಾನತೆಯ ಸಮಾಜ ನಿರ್ಮಾಣವಾಗಬೇಕೆಂಬ ಆಶಯ ಹೊಂದಿದ್ದರು. ಅಂದು ಸುಮಾರು 12ನೇ ಶತಮಾನದ ಸಂದರ್ಭದಲ್ಲಿ ತಾರತಮ್ಯ ನೀತಿಯ ವಿರುದ್ಧ ಹೋರಾಡಿದರು. ನಾವು ನಿಜ ಮನುಷ್ಯರಾಗಲು ಹರಿಯುವ ನದಿಯಂತೆ ಚಲನಶೀಲರಾಗಿರಬೇಕು. ಅನುಭವ ಮಂಟಪದಲ್ಲಿ ಯಾರ ಮುಲಾಜಿಗೂ ಒಳಗಾಗದೆ ತನ್ನ ಅಭಿಪ್ರಾಯವನ್ನು ನೇರವಾಗಿ ನಿಷ್ಠುರವಾಗಿ ಹೇಳುತ್ತಿದ್ದರು. ಕಾಯಕ ಜೀವಿಗಳಾದ ವಚನಕಾರರು ಜಾತಿ ವ್ಯವಸ್ಥೆ, ಪುರೋಹಿತ ಶಾಹಿ, ಅಸ್ಪೃಶ್ಯತೆ ಹಾಗೂ ಮೌಢ್ಯತೆಗಳ ವಿರುದ್ಧ ಧ್ವನಿ ಎತ್ತಿದ್ದರು. ಈ ಸಂದರ್ಭದಲ್ಲಿ ಅಪರ ಜಿಲ್ಲಾಧಿಕಾರಿ ಇ.ಬಾಲಕೃಷ್ಣಪ್ಪ, ಕನ್ನಡ ಸಂಸ್ಕೃತಿ ಇಲಾಖೆಯ ನಿರ್ದೇಶಕ ಸಿದ್ದಲಿಂಗೇಶ ರಂಗಣ್ಣನವರ್, ಯೋಜನಾ ನಿರ್ದೇಶಕ ಆನಂದಸ್ವಾಮಿ, ಹಾಗೂ ಗಂಗಾಮತ ಸಮಾಜದ ಜಿಲ್ಲಾಧ್ಯಕ್ಷ ಊರಮ್ಮನಗುಡಿ ನಾಗರಾಜ್, ಸಮಾಜದ ಮುಖಂಡರಾದ ವೈ.ಯಮನಪ್ಪ, ಎಸ್.ಗಾಳೆಪ್ಪ, ಬಾರಕೇರ ನಾಗರಾಜ, ಕೂಡ್ಲಿಗಿ ಪಕ್ಕೀರಪ್ಪ, ಕಂಪ್ಲಿ ಹನುಮಂತಪ್ಪ, ಕಂಪ್ಲಿ ಮಲ್ಲೇಶ್, ಬಳ್ಳಾರಿ ಎಂ.ಹುಲುಗಪ್ಪ, ಬಾರಕೇರ ತಾಯಪ್ಪ,
ಕಂಪ್ಲಿ ಬಳೇರಿ, ಶ್ರೀನಿವಾಸ ಕಟ್ಟೇರ್, ನಾರಾಯಣಪ್ಪ, ಅಂಬಿಗರ ಮಂಜುನಾಥ, ಡಾ.ಲಕ್ಷ್ಮಣ ಕರ್ಚಿಮನ್ನಣವರ್, ಕಂಪ್ಲಿ ಮುತ್ತಪ್ಪ, ಭುವನಹಳ್ಳಿ ಯರಿಸ್ವಾಮಿ, ಗೋವಿಂದಪ್ಪ ಇದ್ದರು.
IN THE COURT OF THE 3rd ADDITIONAL CIVIL JUDGE AND J.M.F.C.HOSAPETE.
Cri.M.C.No:1788/2024
Gouramma & others .......................... Petitioners
-Vs-
The Tahasildar -cum- Registrar of Birth & Deaths Taluk Office, Hosapete. .......... Respondent
To,Whom so ever it may concern.
WHEREAS the above named petitioners (1) N.Gouramma wife of Late Hanumanthappa, aged about 85 years, Housewife, 2) Kalappa so of Late Hanumanthappa, aged about 57 years, agriculturist 3) Huligappa son of Late Hanumanthappa, aged about 53 years, Agriculturist, Petitioner No.1 to 3 are residents of Chilikamkatti village, Hosapete taluk, Vijayanagara district have filed the petition under section 13(3) of Registration of birth and death Act, seeking the direction of this court to issue direction to the respondent to enter the date of death of Hanumanthappa son of Late Hulugappa who died on 10/06/1974 at his residence at Chilikamkatti village, Hosapete taluk, who is the husband of petitioner No.1 and father of petitioner No.2 to 4. WHEREAS, if any persons interested with respect to the above proceedings are hereby noticed to appear in this court in person or by pleader duly able to, answer all material question relating to the said petition on 03/02/2025 at about 11:00 A.M, otherwise the matter will be heard and determined.
Given under my hand and seal of this court on this 31 day of 12/2024
From,
D. Prakash
Advocate Hosapete.
By order of the court. Shirestedar
3rd Additional Civil Judge & JMFC court, Hosapet.
